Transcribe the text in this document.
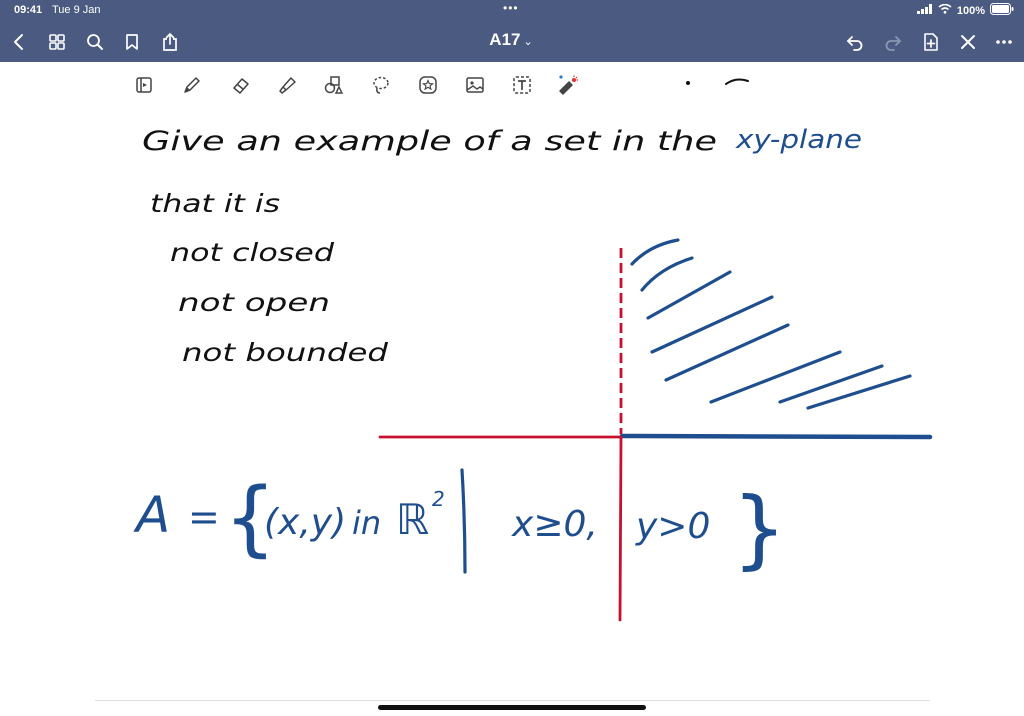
09:41 Tue 9 Jan	•••	100%
A17 ⌄
Give an example of a set in the xy-plane
that it is
not closed
not open
not bounded
A = {
(x,y) in ℝ 2
x≥0, y>0 }
